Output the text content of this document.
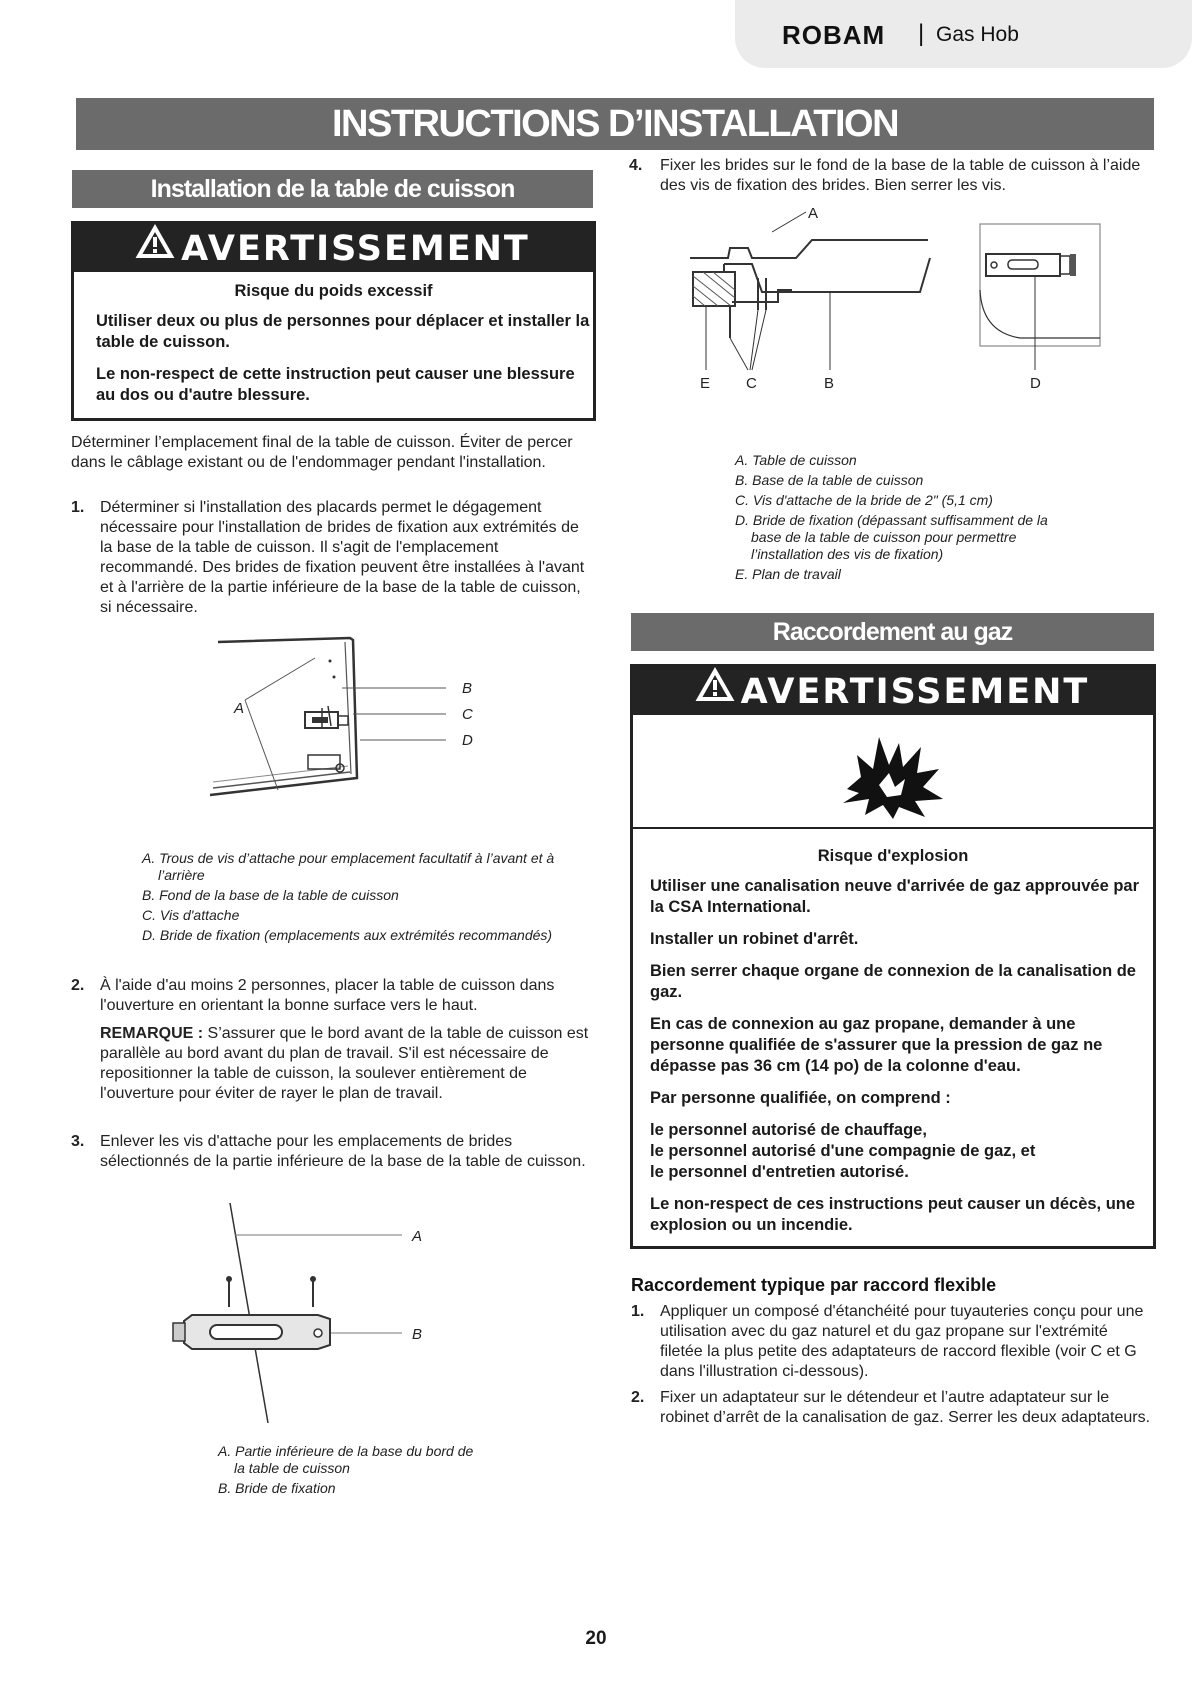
ROBAM | Gas Hob
INSTRUCTIONS D’INSTALLATION
Installation de la table de cuisson
AVERTISSEMENT
Risque du poids excessif
Utiliser deux ou plus de personnes pour déplacer et installer la table de cuisson.
Le non-respect de cette instruction peut causer une blessure au dos ou d'autre blessure.
Déterminer l’emplacement final de la table de cuisson. Éviter de percer dans le câblage existant ou de l'endommager pendant l'installation.
1. Déterminer si l'installation des placards permet le dégagement nécessaire pour l'installation de brides de fixation aux extrémités de la base de la table de cuisson. Il s'agit de l'emplacement recommandé. Des brides de fixation peuvent être installées à l'avant et à l'arrière de la partie inférieure de la base de la table de cuisson, si nécessaire.
A
B
C
D
A. Trous de vis d’attache pour emplacement facultatif à l’avant et à l’arrière
B. Fond de la base de la table de cuisson
C. Vis d'attache
D. Bride de fixation (emplacements aux extrémités recommandés)
2. À l'aide d'au moins 2 personnes, placer la table de cuisson dans l'ouverture en orientant la bonne surface vers le haut.
REMARQUE : S’assurer que le bord avant de la table de cuisson est parallèle au bord avant du plan de travail. S'il est nécessaire de repositionner la table de cuisson, la soulever entièrement de l'ouverture pour éviter de rayer le plan de travail.
3. Enlever les vis d'attache pour les emplacements de brides sélectionnés de la partie inférieure de la base de la table de cuisson.
A
B
A. Partie inférieure de la base du bord de la table de cuisson
B. Bride de fixation
4. Fixer les brides sur le fond de la base de la table de cuisson à l’aide des vis de fixation des brides. Bien serrer les vis.
A
E C	B	D
A. Table de cuisson
B. Base de la table de cuisson
C. Vis d'attache de la bride de 2" (5,1 cm)
D. Bride de fixation (dépassant suffisamment de la base de la table de cuisson pour permettre l’installation des vis de fixation)
E. Plan de travail
Raccordement au gaz
AVERTISSEMENT
Risque d'explosion
Utiliser une canalisation neuve d'arrivée de gaz approuvée par la CSA International.
Installer un robinet d'arrêt.
Bien serrer chaque organe de connexion de la canalisation de gaz.
En cas de connexion au gaz propane, demander à une personne qualifiée de s'assurer que la pression de gaz ne dépasse pas 36 cm (14 po) de la colonne d'eau.
Par personne qualifiée, on comprend :
le personnel autorisé de chauffage,
le personnel autorisé d'une compagnie de gaz, et
le personnel d'entretien autorisé.
Le non-respect de ces instructions peut causer un décès, une explosion ou un incendie.
Raccordement typique par raccord flexible
1. Appliquer un composé d'étanchéité pour tuyauteries conçu pour une utilisation avec du gaz naturel et du gaz propane sur l'extrémité filetée la plus petite des adaptateurs de raccord flexible (voir C et G dans l'illustration ci-dessous).
2. Fixer un adaptateur sur le détendeur et l’autre adaptateur sur le robinet d’arrêt de la canalisation de gaz. Serrer les deux adaptateurs.
20
